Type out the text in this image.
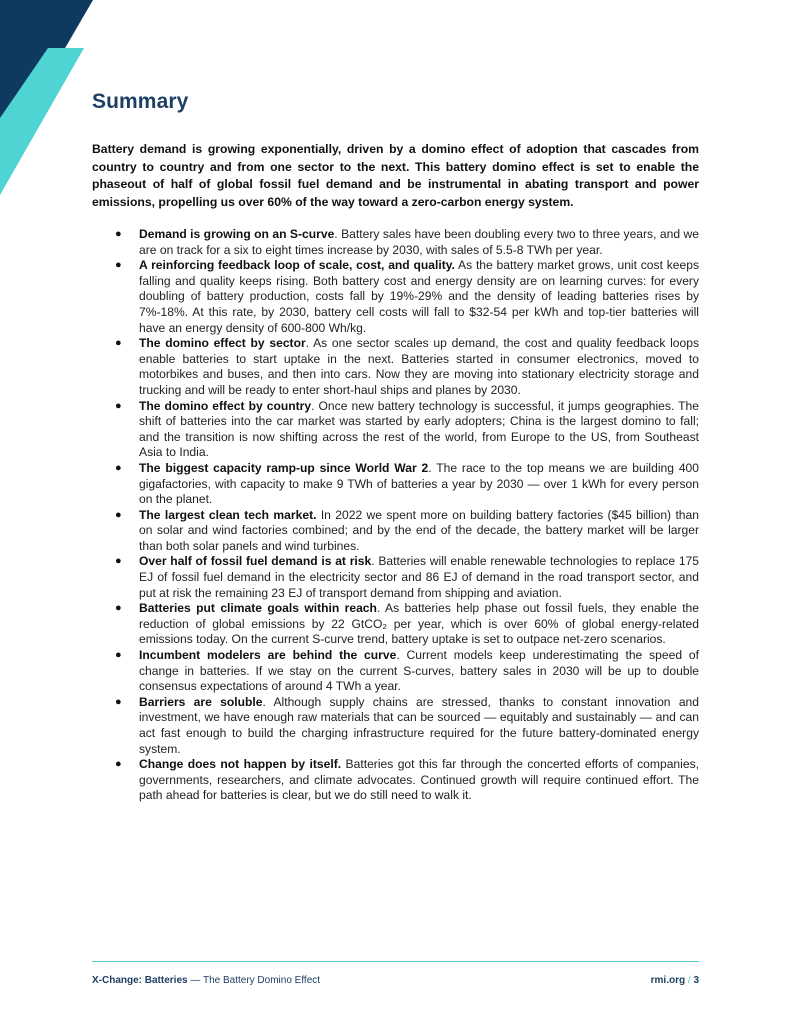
Summary

Battery demand is growing exponentially, driven by a domino effect of adoption that cascades from country to country and from one sector to the next. This battery domino effect is set to enable the phaseout of half of global fossil fuel demand and be instrumental in abating transport and power emissions, propelling us over 60% of the way toward a zero-carbon energy system.

● Demand is growing on an S-curve. Battery sales have been doubling every two to three years, and we are on track for a six to eight times increase by 2030, with sales of 5.5-8 TWh per year.
● A reinforcing feedback loop of scale, cost, and quality. As the battery market grows, unit cost keeps falling and quality keeps rising. Both battery cost and energy density are on learning curves: for every doubling of battery production, costs fall by 19%-29% and the density of leading batteries rises by 7%-18%. At this rate, by 2030, battery cell costs will fall to $32-54 per kWh and top-tier batteries will have an energy density of 600-800 Wh/kg.
● The domino effect by sector. As one sector scales up demand, the cost and quality feedback loops enable batteries to start uptake in the next. Batteries started in consumer electronics, moved to motorbikes and buses, and then into cars. Now they are moving into stationary electricity storage and trucking and will be ready to enter short-haul ships and planes by 2030.
● The domino effect by country. Once new battery technology is successful, it jumps geographies. The shift of batteries into the car market was started by early adopters; China is the largest domino to fall; and the transition is now shifting across the rest of the world, from Europe to the US, from Southeast Asia to India.
● The biggest capacity ramp-up since World War 2. The race to the top means we are building 400 gigafactories, with capacity to make 9 TWh of batteries a year by 2030 — over 1 kWh for every person on the planet.
● The largest clean tech market. In 2022 we spent more on building battery factories ($45 billion) than on solar and wind factories combined; and by the end of the decade, the battery market will be larger than both solar panels and wind turbines.
● Over half of fossil fuel demand is at risk. Batteries will enable renewable technologies to replace 175 EJ of fossil fuel demand in the electricity sector and 86 EJ of demand in the road transport sector, and put at risk the remaining 23 EJ of transport demand from shipping and aviation.
● Batteries put climate goals within reach. As batteries help phase out fossil fuels, they enable the reduction of global emissions by 22 GtCO₂ per year, which is over 60% of global energy-related emissions today. On the current S-curve trend, battery uptake is set to outpace net-zero scenarios.
● Incumbent modelers are behind the curve. Current models keep underestimating the speed of change in batteries. If we stay on the current S-curves, battery sales in 2030 will be up to double consensus expectations of around 4 TWh a year.
● Barriers are soluble. Although supply chains are stressed, thanks to constant innovation and investment, we have enough raw materials that can be sourced — equitably and sustainably — and can act fast enough to build the charging infrastructure required for the future battery-dominated energy system.
● Change does not happen by itself. Batteries got this far through the concerted efforts of companies, governments, researchers, and climate advocates. Continued growth will require continued effort. The path ahead for batteries is clear, but we do still need to walk it.
X-Change: Batteries — The Battery Domino Effect	rmi.org / 3
